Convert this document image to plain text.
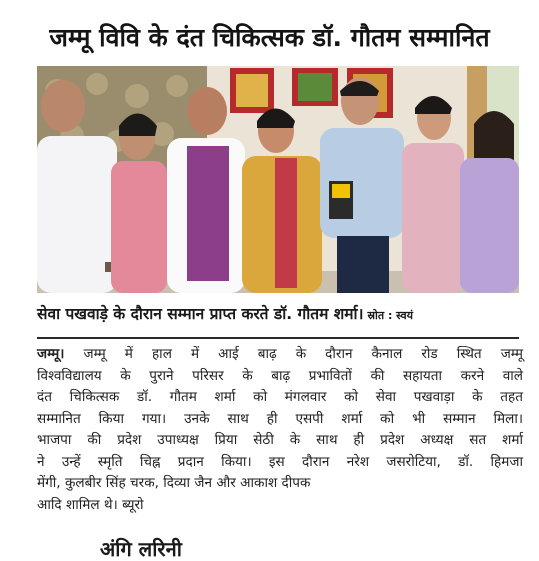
जम्मू विवि के दंत चिकित्सक डॉ. गौतम सम्मानित
सेवा पखवाड़े के दौरान सम्मान प्राप्त करते डॉ. गौतम शर्मा। स्रोत : स्वयं
जम्मू। जम्मू में हाल में आई बाढ़ के दौरान कैनाल रोड स्थित जम्मू
विश्वविद्यालय के पुराने परिसर के बाढ़ प्रभावितों की सहायता करने वाले
दंत चिकित्सक डॉ. गौतम शर्मा को मंगलवार को सेवा पखवाड़ा के तहत
सम्मानित किया गया। उनके साथ ही एसपी शर्मा को भी सम्मान मिला।
भाजपा की प्रदेश उपाध्यक्ष प्रिया सेठी के साथ ही प्रदेश अध्यक्ष सत शर्मा
ने उन्हें स्मृति चिह्न प्रदान किया। इस दौरान नरेश जसरोटिया, डॉ. हिमजा
मेंगी, कुलबीर सिंह चरक, दिव्या जैन और आकाश दीपक
आदि शामिल थे। ब्यूरो
अंगि लरिनी
